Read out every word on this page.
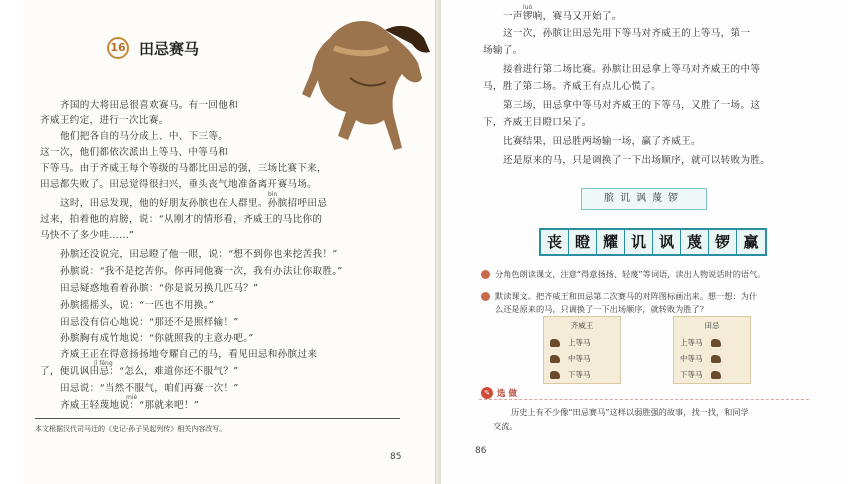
16 田忌赛马
齐国的大将田忌很喜欢赛马。有一回他和
齐威王约定，进行一次比赛。
他们把各自的马分成上、中、下三等。
这一次，他们都依次派出上等马、中等马和
下等马。由于齐威王每个等级的马都比田忌的强，三场比赛下来，
田忌都失败了。田忌觉得很扫兴，垂头丧气地准备离开赛马场。
bìn
这时，田忌发现，他的好朋友孙膑也在人群里。孙膑招呼田忌
过来，拍着他的肩膀，说：“从刚才的情形看，齐威王的马比你的
马快不了多少哇……”
孙膑还没说完，田忌瞪了他一眼，说：“想不到你也来挖苦我！”
孙膑说：“我不是挖苦你。你再同他赛一次，我有办法让你取胜。”
田忌疑惑地看着孙膑：“你是说另换几匹马？”
孙膑摇摇头，说：“一匹也不用换。”
田忌没有信心地说：“那还不是照样输！”
孙膑胸有成竹地说：“你就照我的主意办吧。”
齐威王正在得意扬扬地夸耀自己的马，看见田忌和孙膑过来
jī fěng
了，便讥讽田忌：“怎么，难道你还不服气？”
田忌说：“当然不服气，咱们再赛一次！”
miè
齐威王轻蔑地说：“那就来吧！”
本文根据汉代司马迁的《史记·孙子吴起列传》相关内容改写。
85
luó
一声锣响，赛马又开始了。
这一次，孙膑让田忌先用下等马对齐威王的上等马，第一
场输了。
接着进行第二场比赛。孙膑让田忌拿上等马对齐威王的中等
马，胜了第二场。齐威王有点儿心慌了。
第三场，田忌拿中等马对齐威王的下等马，又胜了一场。这
下，齐威王目瞪口呆了。
比赛结果，田忌胜两场输一场，赢了齐威王。
还是原来的马，只是调换了一下出场顺序，就可以转败为胜。
膑讥讽蔑锣
丧 瞪 耀 讥 讽 蔑 锣 赢
分角色朗读课文，注意“得意扬扬、轻蔑”等词语，读出人物说话时的语气。
默读课文。把齐威王和田忌第二次赛马的对阵图标画出来。想一想：为什
么还是原来的马，只调换了一下出场顺序，就转败为胜了？
齐威王
上等马
中等马
下等马
田忌
上等马
中等马
下等马
✎ 选 做
历史上有不少像“田忌赛马”这样以弱胜强的故事，找一找，和同学
交流。
86
